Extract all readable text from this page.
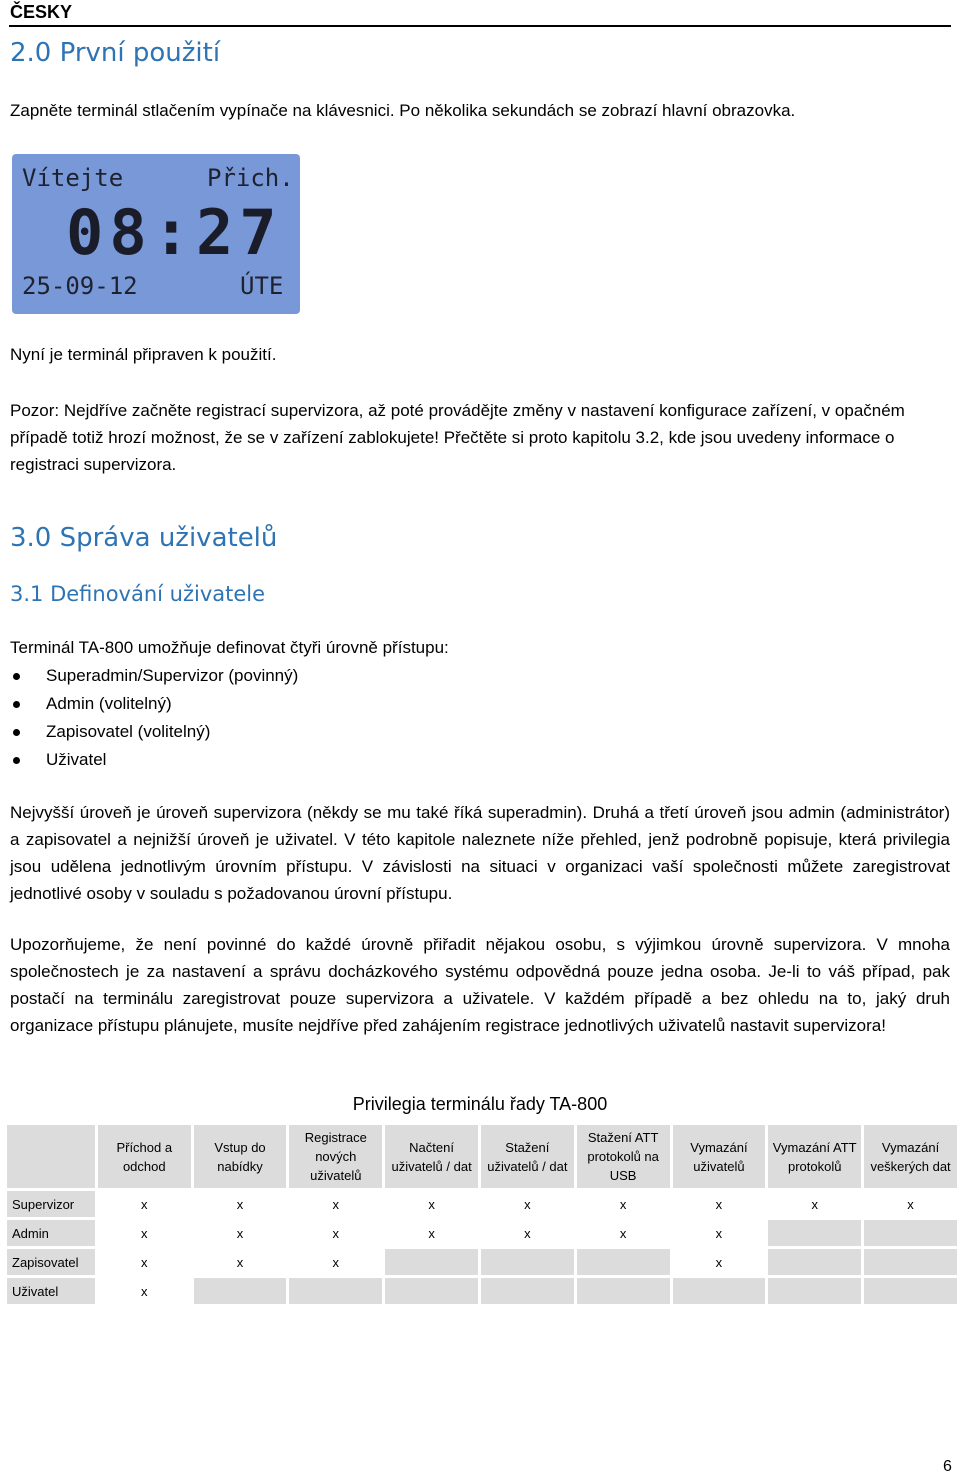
ČESKY
2.0 První použití

Zapněte terminál stlačením vypínače na klávesnici. Po několika sekundách se zobrazí hlavní obrazovka.

Vítejte	Přich.
08:27
25-09-12	ÚTE

Nyní je terminál připraven k použití.

Pozor: Nejdříve začněte registrací supervizora, až poté provádějte změny v nastavení konfigurace zařízení, v opačném případě totiž hrozí možnost, že se v zařízení zablokujete! Přečtěte si proto kapitolu 3.2, kde jsou uvedeny informace o registraci supervizora.

3.0 Správa uživatelů
3.1 Definování uživatele

Terminál TA-800 umožňuje definovat čtyři úrovně přístupu:

Superadmin/Supervizor (povinný)
Admin (volitelný)
Zapisovatel (volitelný)
Uživatel

Nejvyšší úroveň je úroveň supervizora (někdy se mu také říká superadmin). Druhá a třetí úroveň jsou admin (administrátor) a zapisovatel a nejnižší úroveň je uživatel. V této kapitole naleznete níže přehled, jenž podrobně popisuje, která privilegia jsou udělena jednotlivým úrovním přístupu. V závislosti na situaci v organizaci vaší společnosti můžete zaregistrovat jednotlivé osoby v souladu s požadovanou úrovní přístupu.

Upozorňujeme, že není povinné do každé úrovně přiřadit nějakou osobu, s výjimkou úrovně supervizora. V mnoha společnostech je za nastavení a správu docházkového systému odpovědná pouze jedna osoba. Je-li to váš případ, pak postačí na terminálu zaregistrovat pouze supervizora a uživatele. V každém případě a bez ohledu na to, jaký druh organizace přístupu plánujete, musíte nejdříve před zahájením registrace jednotlivých uživatelů nastavit supervizora!

Privilegia terminálu řady TA-800
	Příchod a odchod	Vstup do nabídky	Registrace nových uživatelů	Načtení uživatelů / dat	Stažení uživatelů / dat	Stažení ATT protokolů na USB	Vymazání uživatelů	Vymazání ATT protokolů	Vymazání veškerých dat
Supervizor	x	x	x	x	x	x	x	x	x
Admin	x	x	x	x	x	x	x		
Zapisovatel	x	x	x				x		
Uživatel	x								
6
